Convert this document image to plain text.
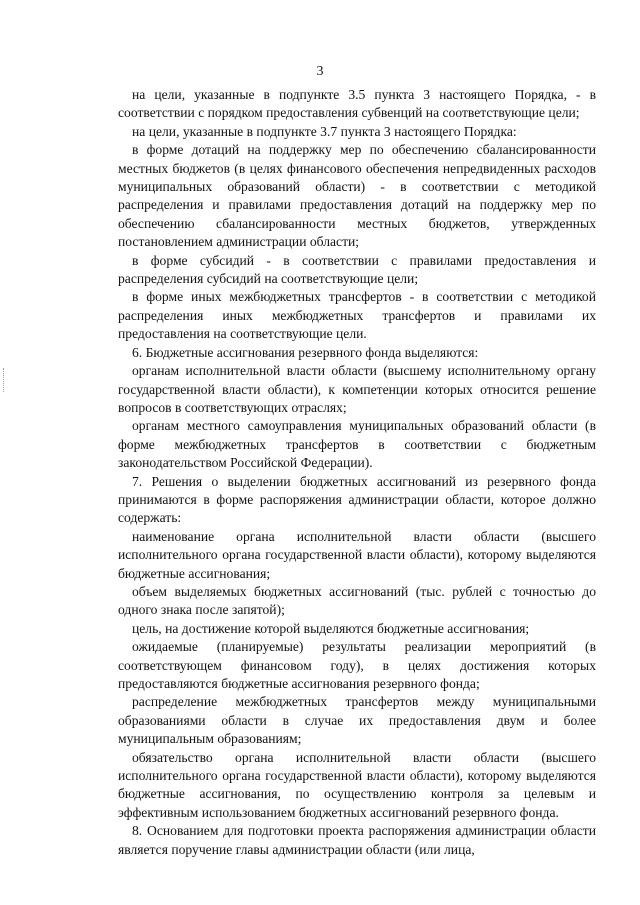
3

на цели, указанные в подпункте 3.5 пункта 3 настоящего Порядка, - в соответствии с порядком предоставления субвенций на соответствующие цели;

на цели, указанные в подпункте 3.7 пункта 3 настоящего Порядка:

в форме дотаций на поддержку мер по обеспечению сбалансированности местных бюджетов (в целях финансового обеспечения непредвиденных расходов муниципальных образований области) - в соответствии с методикой распределения и правилами предоставления дотаций на поддержку мер по обеспечению сбалансированности местных бюджетов, утвержденных постановлением администрации области;

в форме субсидий - в соответствии с правилами предоставления и распределения субсидий на соответствующие цели;

в форме иных межбюджетных трансфертов - в соответствии с методикой распределения иных межбюджетных трансфертов и правилами их предоставления на соответствующие цели.

6. Бюджетные ассигнования резервного фонда выделяются:

органам исполнительной власти области (высшему исполнительному органу государственной власти области), к компетенции которых относится решение вопросов в соответствующих отраслях;

органам местного самоуправления муниципальных образований области (в форме межбюджетных трансфертов в соответствии с бюджетным законодательством Российской Федерации).

7. Решения о выделении бюджетных ассигнований из резервного фонда принимаются в форме распоряжения администрации области, которое должно содержать:

наименование органа исполнительной власти области (высшего исполнительного органа государственной власти области), которому выделяются бюджетные ассигнования;

объем выделяемых бюджетных ассигнований (тыс. рублей с точностью до одного знака после запятой);

цель, на достижение которой выделяются бюджетные ассигнования;

ожидаемые (планируемые) результаты реализации мероприятий (в соответствующем финансовом году), в целях достижения которых предоставляются бюджетные ассигнования резервного фонда;

распределение межбюджетных трансфертов между муниципальными образованиями области в случае их предоставления двум и более муниципальным образованиям;

обязательство органа исполнительной власти области (высшего исполнительного органа государственной власти области), которому выделяются бюджетные ассигнования, по осуществлению контроля за целевым и эффективным использованием бюджетных ассигнований резервного фонда.

8. Основанием для подготовки проекта распоряжения администрации области является поручение главы администрации области (или лица,
